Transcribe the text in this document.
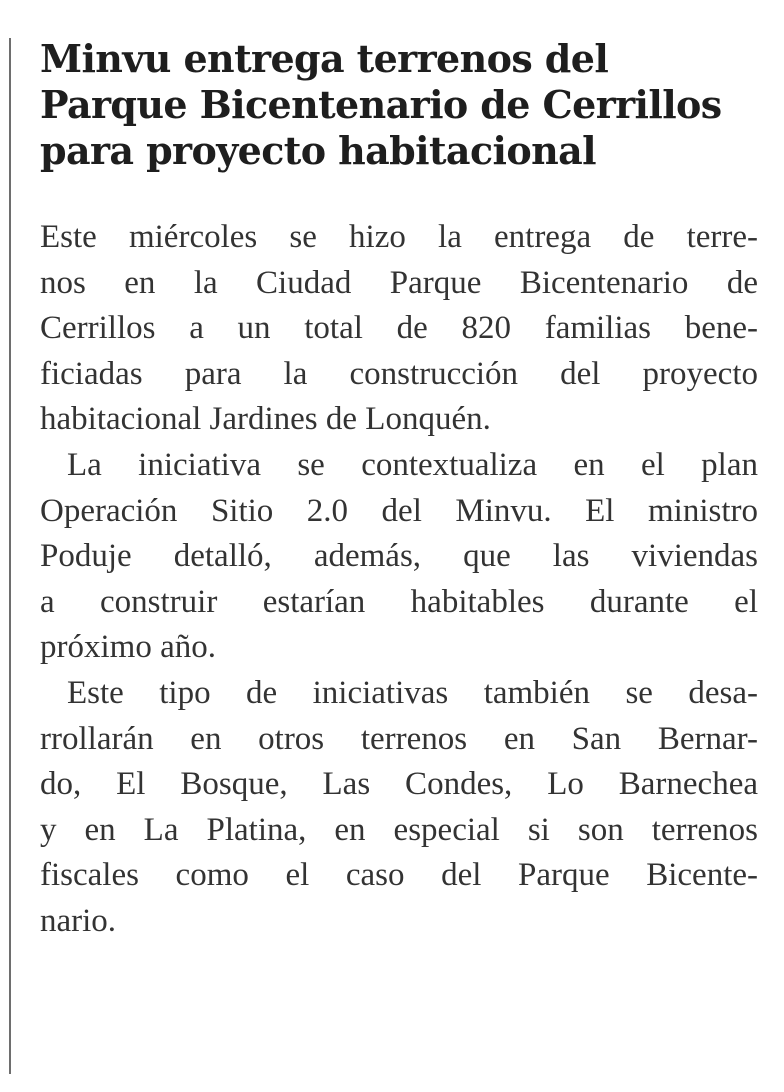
Minvu entrega terrenos del
Parque Bicentenario de Cerrillos
para proyecto habitacional

Este miércoles se hizo la entrega de terre-
nos en la Ciudad Parque Bicentenario de
Cerrillos a un total de 820 familias bene-
ficiadas para la construcción del proyecto
habitacional Jardines de Lonquén.

La iniciativa se contextualiza en el plan
Operación Sitio 2.0 del Minvu. El ministro
Poduje detalló, además, que las viviendas
a construir estarían habitables durante el
próximo año.

Este tipo de iniciativas también se desa-
rrollarán en otros terrenos en San Bernar-
do, El Bosque, Las Condes, Lo Barnechea
y en La Platina, en especial si son terrenos
fiscales como el caso del Parque Bicente-
nario.
